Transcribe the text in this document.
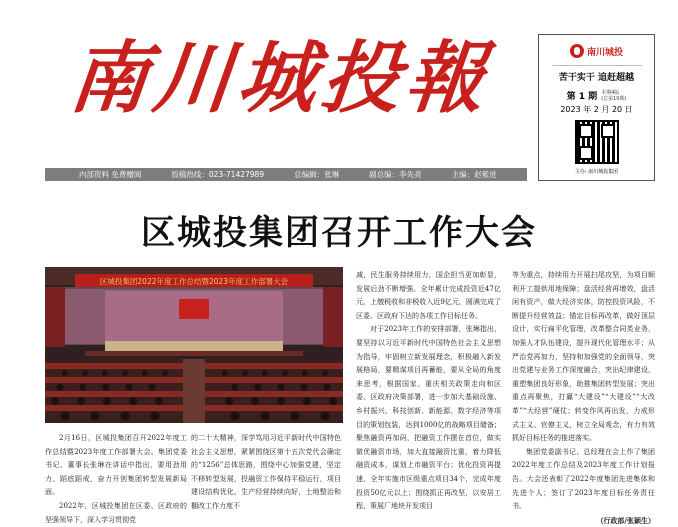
南川城投報	南川城投
苦干实干 追赶超越
第 1 期 本期4版
(总第10期)
2023 年 2 月 20 日
主办: 南川城投集团
内部资料 免费赠阅	投稿热线：023-71427989	总编辑：张琳	副总编：李先亮	主编：赵紫进
区城投集团召开工作大会
区城投集团2022年度工作总结暨2023年度工作部署大会

2月16日，区城投集团召开2022年度工作总结暨2023年度工作部署大会。集团党委书记、董事长张琳在讲话中指出，要用劲用力、蹈底蹈戒，奋力开创集团转型发展新局面。

2022年，区城投集团在区委、区政府的坚强领导下，深入学习贯彻党

的二十大精神，深学笃用习近平新时代中国特色社会主义思想，紧紧围绕区第十五次党代会确定的“1256”总体思路，围绕中心加强党建，坚定不移转型发展，投融资工作保持平稳运行，项目建设结构优化，生产经营持续向好，土地整治和棚改工作力度不
减，民生服务持续用力，国企担当更加彰显，发展后劲不断增强。全年累计完成投资近47亿元，上缴税收和非税收入近9亿元，圆满完成了区委、区政府下达的各项工作目标任务。

对于2023年工作的安排部署，张琳指出，要坚持以习近平新时代中国特色社会主义思想为指导，牢固树立新发展理念，积极融入新发展格局，要精谋项目再蓄能，要从全局的角度来思考，根据国家、重庆相关政策走向和区委、区政府决策部署，进一步加大基础设施、乡村振兴、科技创新、新能源、数字经济等项目的策划包装，达到1000亿的战略项目储备；聚焦融资再加码，把融资工作摆在首位，做实做优融资市场，加大直接融资比重，着力降低融资成本，谋划上市融资平台；优化投资再提速，全年实施市区级重点项目34个，完成年度投资50亿元以上；围绕抓正再改坚，以安居工程、策展厂地块开发项目

等为重点，持续用力开展扫尾攻坚，为项目顺利开工提供用地保障；盘活经营再增效，盘活闲有资产，做大经济实体，防控投资风险，不断提升经营效益；锚定目标再改革，做好顶层设计，实行扁平化管理，改革整合同类业务，加强人才队伍建设，提升现代化管理水平；从严治党再加力，坚持和加强党的全面领导，突出党建与业务工作深度融合，突出纪律建设，重塑集团良好形象，助推集团转型发展；突出重点再聚焦，打赢“大建设”“大建设”“大改革”“大经营”硬仗；转变作风再出发，力戒形式主义、官僚主义，树立全局观念，有力有效抓好目标任务的推进落实。

集团党委副书记、总经理在会上作了集团2022年度工作总结及2023年度工作计划报告。大会还表彰了2022年度集团先进集体和先进个人；签订了2023年度目标任务责任书。

（行政部/张颖生）
